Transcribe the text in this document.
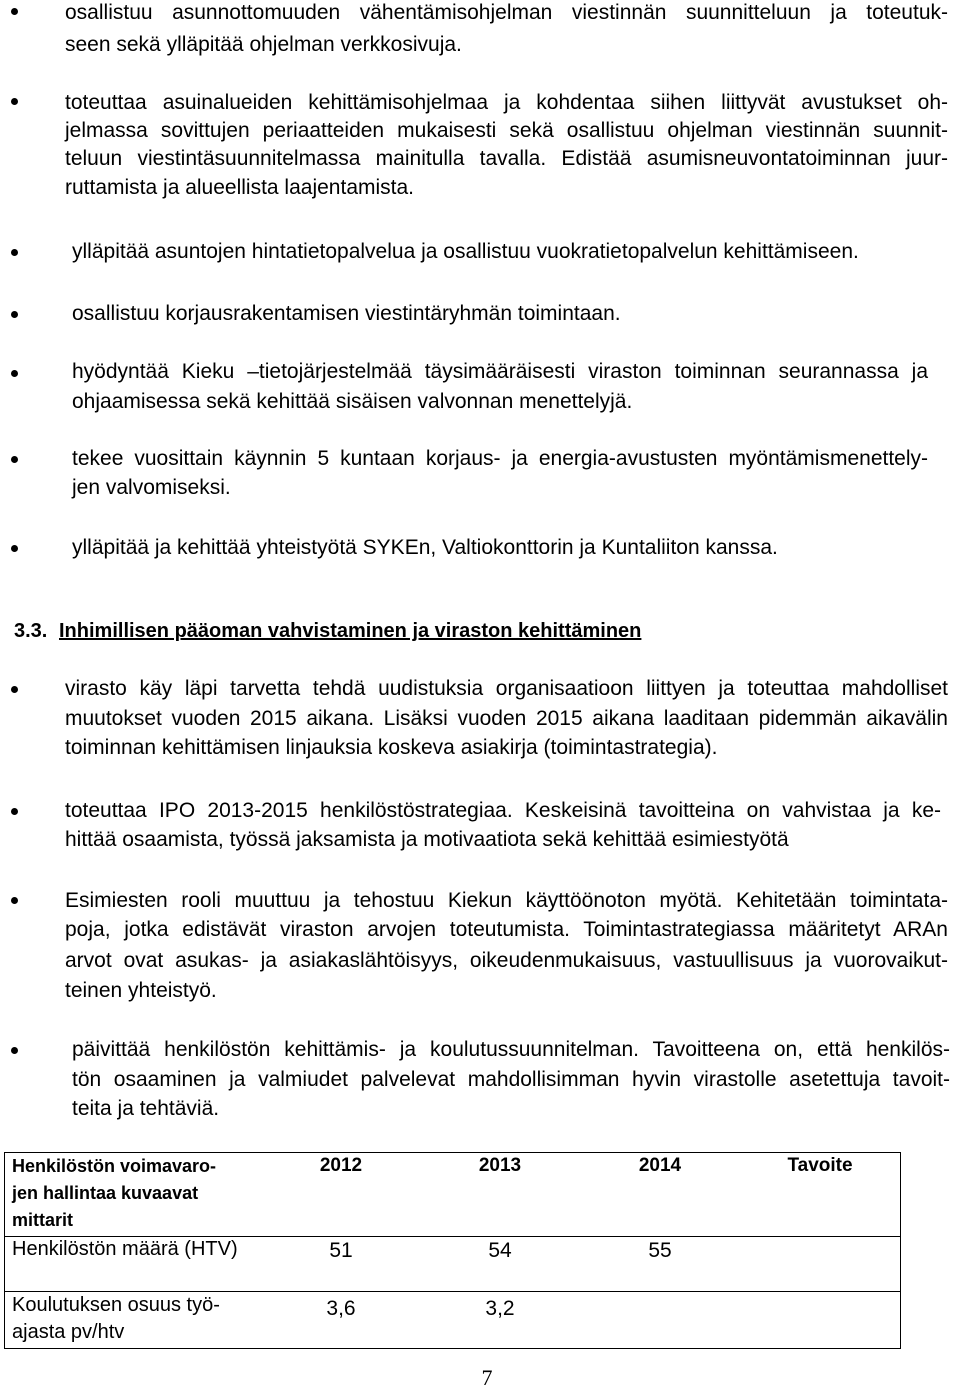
osallistuu asunnottomuuden vähentämisohjelman viestinnän suunnitteluun ja toteutuk-
seen sekä ylläpitää ohjelman verkkosivuja.
toteuttaa asuinalueiden kehittämisohjelmaa ja kohdentaa siihen liittyvät avustukset oh-
jelmassa sovittujen periaatteiden mukaisesti sekä osallistuu ohjelman viestinnän suunnit-
teluun viestintäsuunnitelmassa mainitulla tavalla. Edistää asumisneuvontatoiminnan juur-
ruttamista ja alueellista laajentamista.
ylläpitää asuntojen hintatietopalvelua ja osallistuu vuokratietopalvelun kehittämiseen.
osallistuu korjausrakentamisen viestintäryhmän toimintaan.
hyödyntää Kieku –tietojärjestelmää täysimääräisesti viraston toiminnan seurannassa ja
ohjaamisessa sekä kehittää sisäisen valvonnan menettelyjä.
tekee vuosittain käynnin 5 kuntaan korjaus- ja energia-avustusten myöntämismenettely-
jen valvomiseksi.
ylläpitää ja kehittää yhteistyötä SYKEn, Valtiokonttorin ja Kuntaliiton kanssa.
3.3. Inhimillisen pääoman vahvistaminen ja viraston kehittäminen
virasto käy läpi tarvetta tehdä uudistuksia organisaatioon liittyen ja toteuttaa mahdolliset
muutokset vuoden 2015 aikana. Lisäksi vuoden 2015 aikana laaditaan pidemmän aikavälin
toiminnan kehittämisen linjauksia koskeva asiakirja (toimintastrategia).
toteuttaa IPO 2013-2015 henkilöstöstrategiaa. Keskeisinä tavoitteina on vahvistaa ja ke-
hittää osaamista, työssä jaksamista ja motivaatiota sekä kehittää esimiestyötä
Esimiesten rooli muuttuu ja tehostuu Kiekun käyttöönoton myötä. Kehitetään toimintata-
poja, jotka edistävät viraston arvojen toteutumista. Toimintastrategiassa määritetyt ARAn
arvot ovat asukas- ja asiakaslähtöisyys, oikeudenmukaisuus, vastuullisuus ja vuorovaikut-
teinen yhteistyö.
päivittää henkilöstön kehittämis- ja koulutussuunnitelman. Tavoitteena on, että henkilös-
tön osaaminen ja valmiudet palvelevat mahdollisimman hyvin virastolle asetettuja tavoit-
teita ja tehtäviä.
Henkilöstön voimavaro-
jen hallintaa kuvaavat
mittarit
2012	2013	2014	Tavoite
Henkilöstön määrä (HTV)	51	54	55
Koulutuksen osuus työ-
ajasta pv/htv
3,6	3,2
7
